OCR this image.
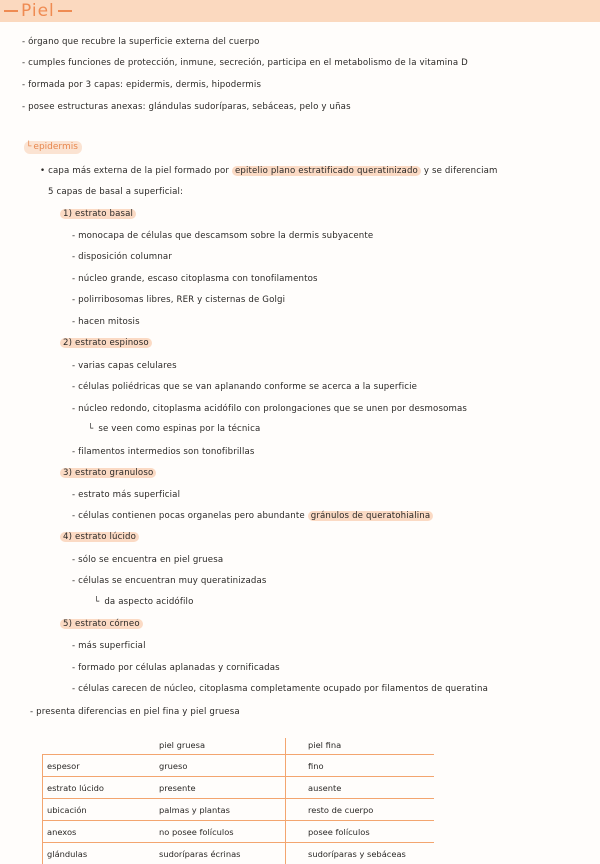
Piel
- órgano que recubre la superficie externa del cuerpo
- cumples funciones de protección, inmune, secreción, participa en el metabolismo de la vitamina D
- formada por 3 capas: epidermis, dermis, hipodermis
- posee estructuras anexas: glándulas sudoríparas, sebáceas, pelo y uñas
└ epidermis
• capa más externa de la piel formado por epitelio plano estratificado queratinizado y se diferenciam
5 capas de basal a superficial:
1) estrato basal
- monocapa de células que descamsom sobre la dermis subyacente
- disposición columnar
- núcleo grande, escaso citoplasma con tonofilamentos
- polirribosomas libres, RER y cisternas de Golgi
- hacen mitosis
2) estrato espinoso
- varias capas celulares
- células poliédricas que se van aplanando conforme se acerca a la superficie
- núcleo redondo, citoplasma acidófilo con prolongaciones que se unen por desmosomas
└ se veen como espinas por la técnica
- filamentos intermedios son tonofibrillas
3) estrato granuloso
- estrato más superficial
- células contienen pocas organelas pero abundante gránulos de queratohialina
4) estrato lúcido
- sólo se encuentra en piel gruesa
- células se encuentran muy queratinizadas
└ da aspecto acidófilo
5) estrato córneo
- más superficial
- formado por células aplanadas y cornificadas
- células carecen de núcleo, citoplasma completamente ocupado por filamentos de queratina
- presenta diferencias en piel fina y piel gruesa
	piel gruesa	piel fina
espesor	grueso	fino
estrato lúcido	presente	ausente
ubicación	palmas y plantas	resto de cuerpo
anexos	no posee folículos	posee folículos
glándulas	sudoríparas écrinas	sudoríparas y sebáceas
